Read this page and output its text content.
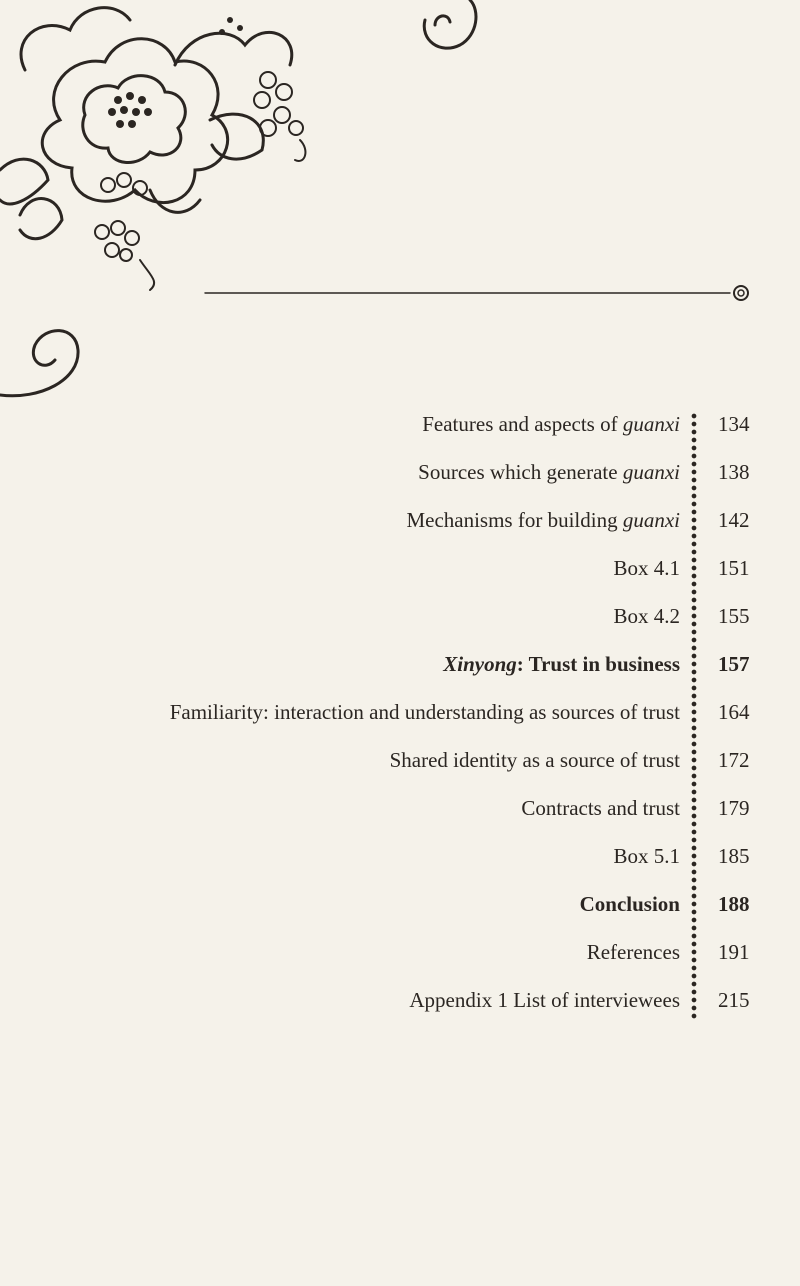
Features and aspects of guanxi 134
Sources which generate guanxi 138
Mechanisms for building guanxi 142
Box 4.1 151
Box 4.2 155
Xinyong: Trust in business 157
Familiarity: interaction and understanding as sources of trust 164
Shared identity as a source of trust 172
Contracts and trust 179
Box 5.1 185
Conclusion 188
References 191
Appendix 1 List of interviewees 215
